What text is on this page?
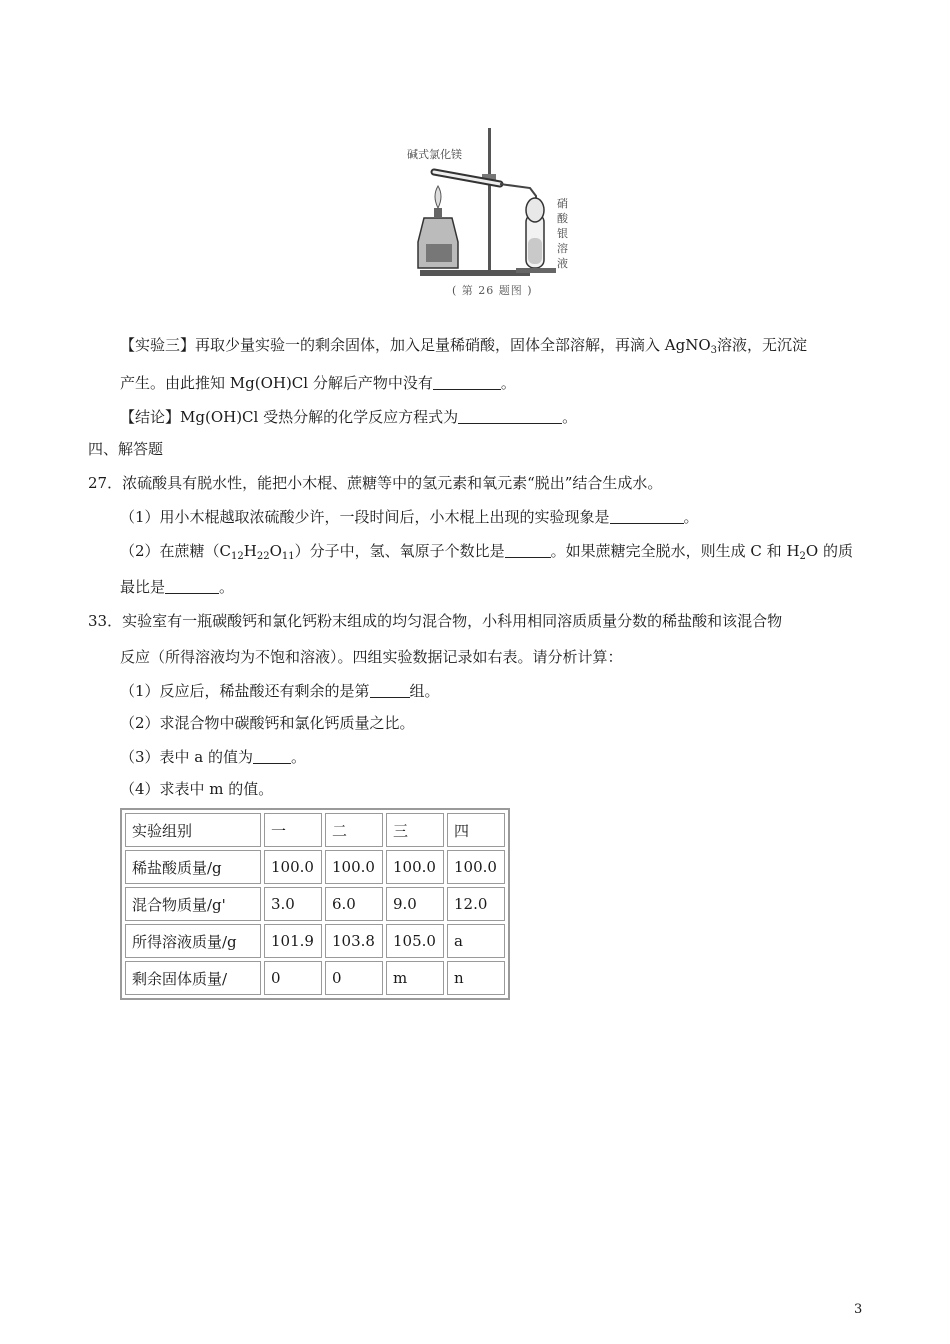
碱式氯化镁
硝酸银溶液
( 第 26 题图 )
【实验三】再取少量实验一的剩余固体，加入足量稀硝酸，固体全部溶解，再滴入 AgNO$_3$溶液，无沉淀
产生。由此推知 Mg(OH)Cl 分解后产物中没有	。
【结论】Mg(OH)Cl 受热分解的化学反应方程式为	。
四、解答题
27．浓硫酸具有脱水性，能把小木棍、蔗糖等中的氢元素和氧元素“脱出”结合生成水。
（1）用小木棍越取浓硫酸少许，一段时间后，小木棍上出现的实验现象是	。
（2）在蔗糖$(C_{12}H_{22}O_{11})$分子中，氢、氧原子个数比是	。如果蔗糖完全脱水，则生成 C 和 $H_2O$ 的质
最比是	。
33．实验室有一瓶碳酸钙和氯化钙粉末组成的均匀混合物，小科用相同溶质质量分数的稀盐酸和该混合物
反应（所得溶液均为不饱和溶液）。四组实验数据记录如右表。请分析计算：
（1）反应后，稀盐酸还有剩余的是第	组。
（2）求混合物中碳酸钙和氯化钙质量之比。
（3）表中 a 的值为	。
（4）求表中 m 的值。
实验组别	一	二	三	四
稀盐酸质量/g	100.0	100.0	100.0	100.0
混合物质量/g'	3.0	6.0	9.0	12.0
所得溶液质量/g	101.9	103.8	105.0	a
剩余固体质量/	0	0	m	n
3
